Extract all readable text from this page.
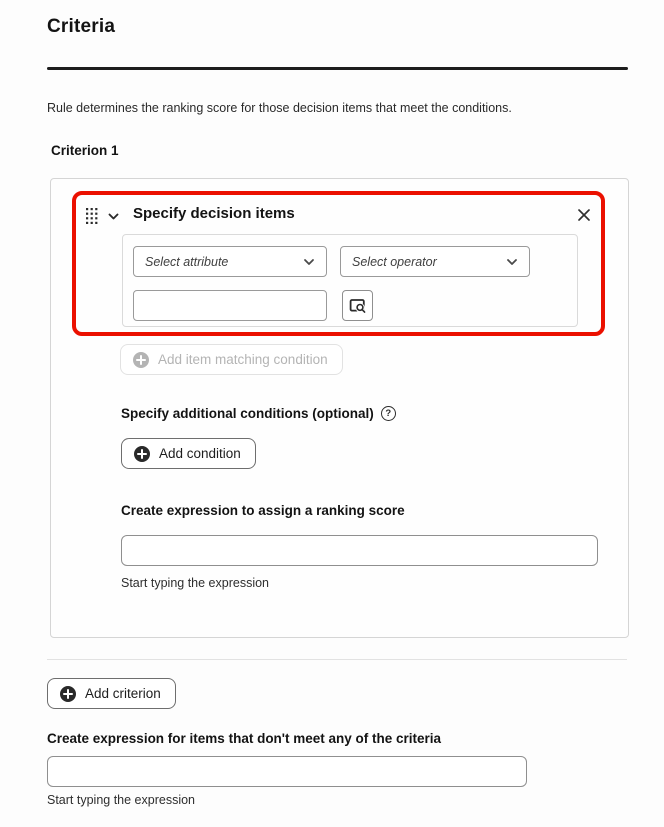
Criteria
Rule determines the ranking score for those decision items that meet the conditions.
Criterion 1
Specify decision items
Select attribute	Select operator
Add item matching condition
Specify additional conditions (optional)	?
Add condition
Create expression to assign a ranking score
Start typing the expression
Add criterion
Create expression for items that don't meet any of the criteria
Start typing the expression
